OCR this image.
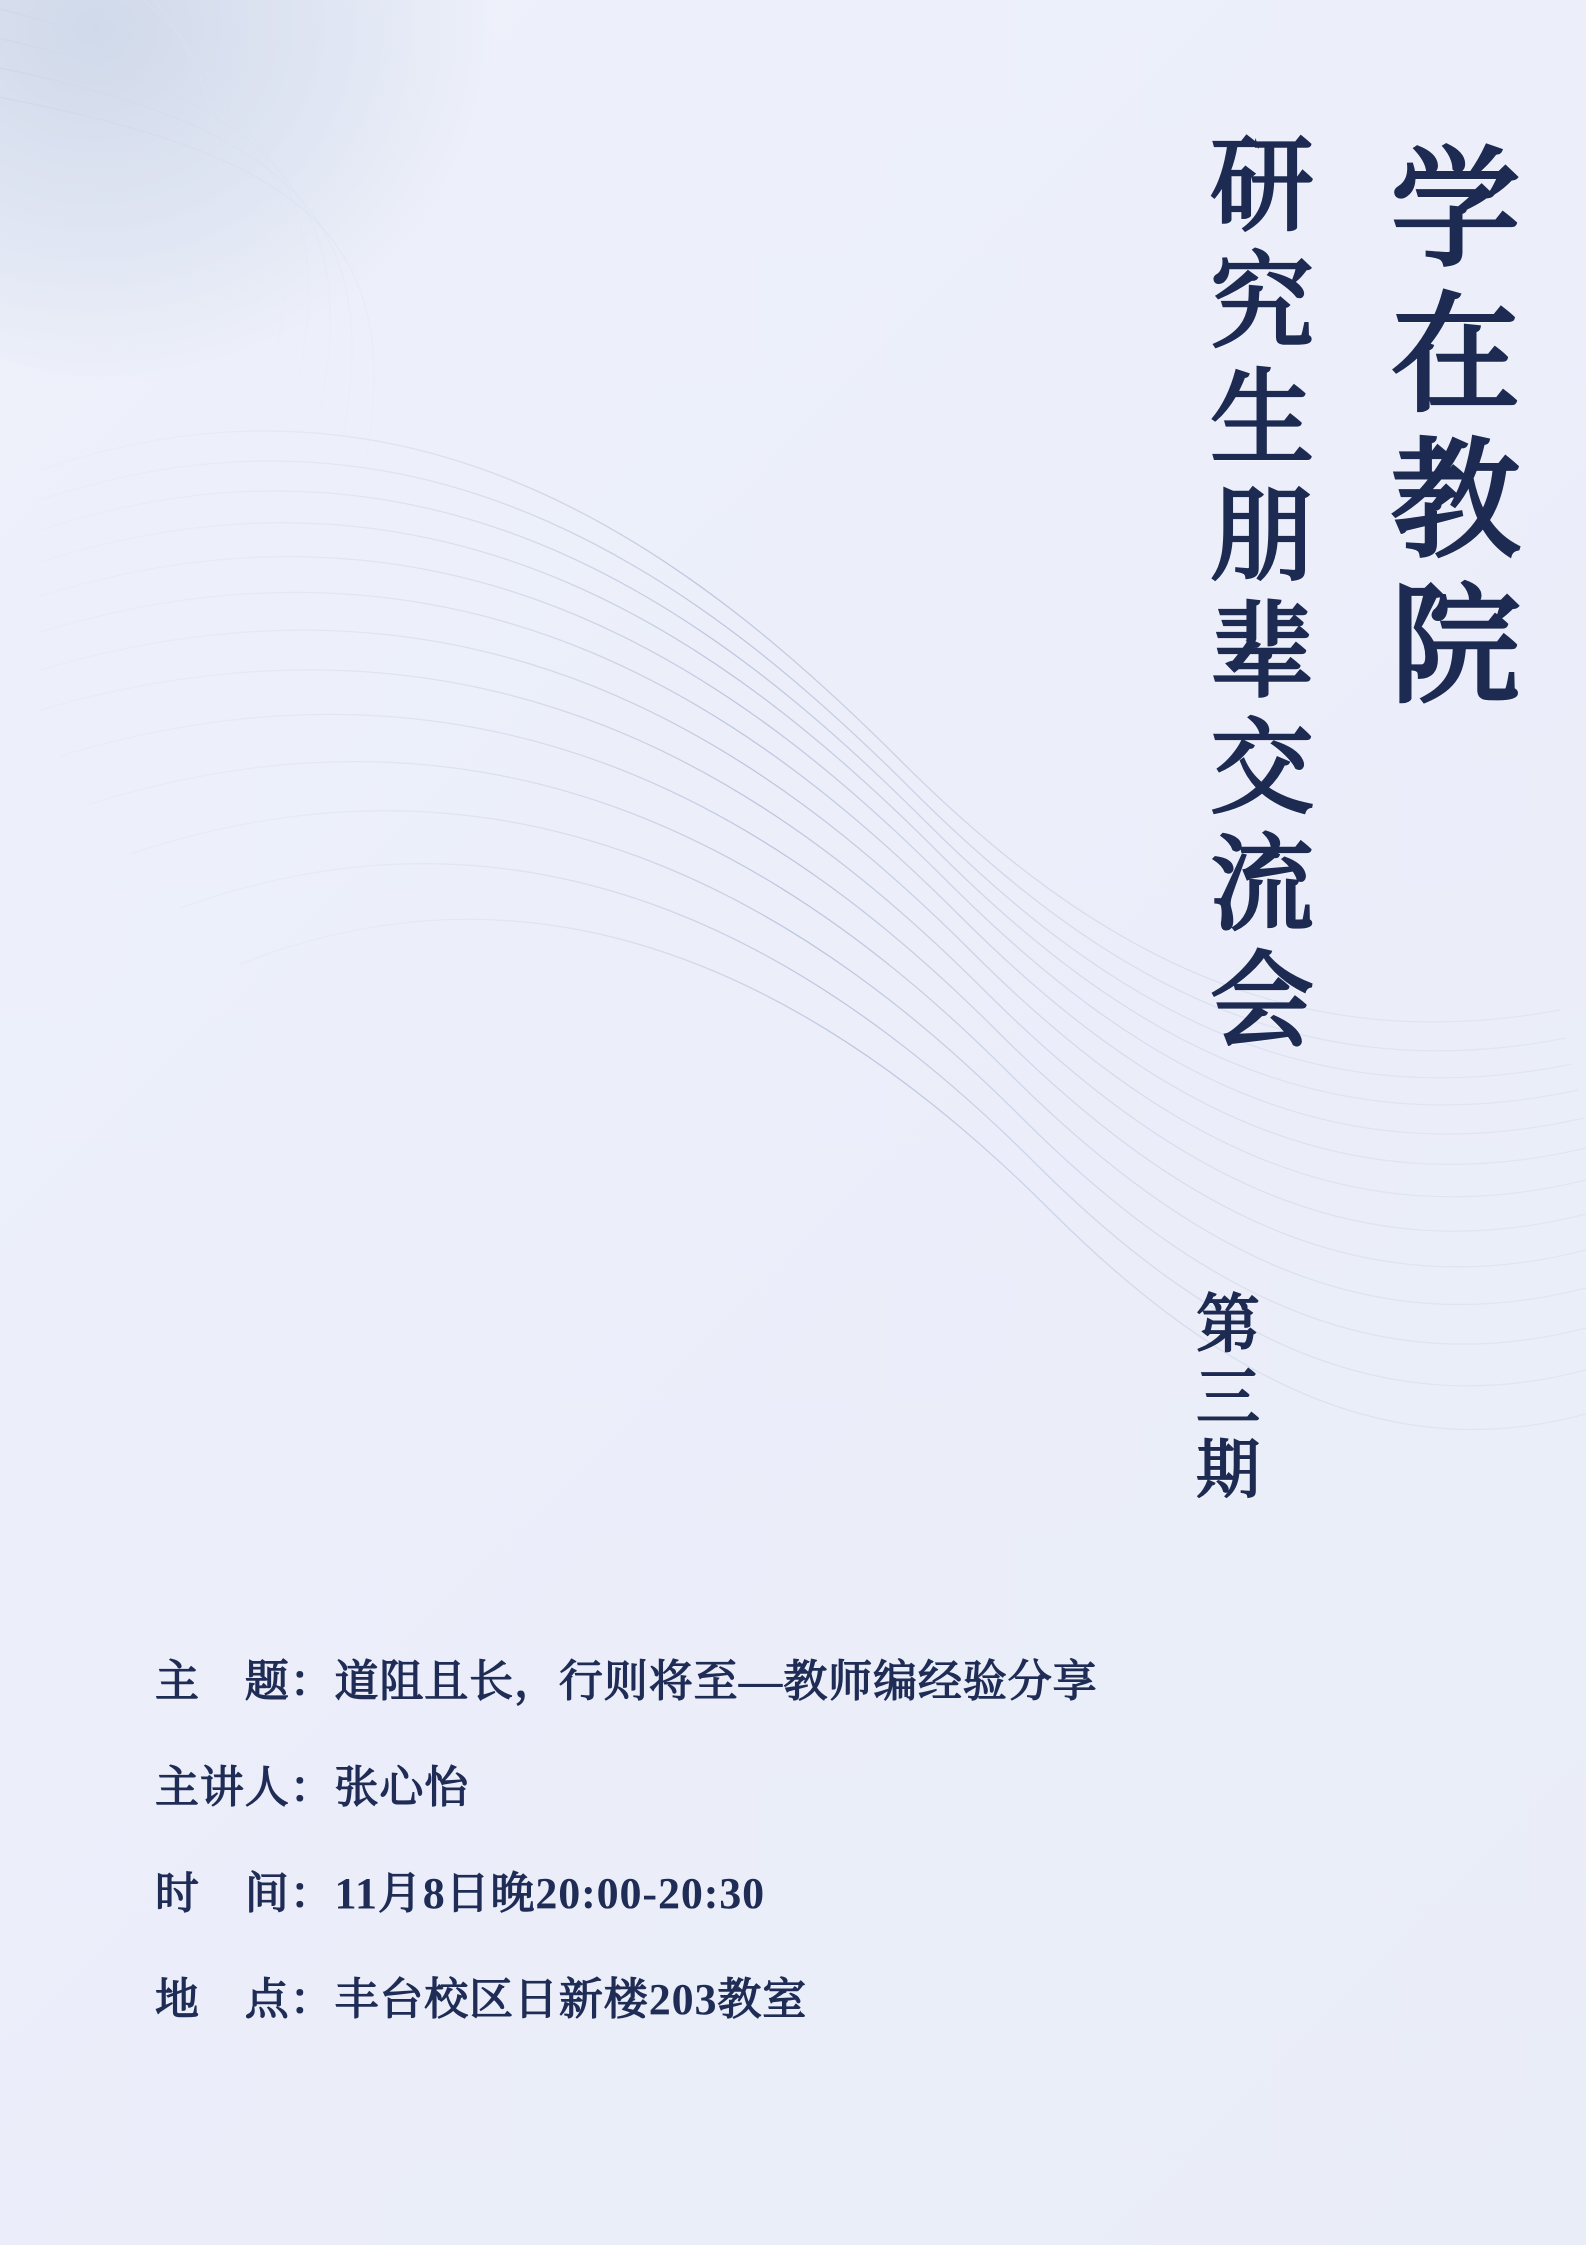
学在教院
研究生朋辈交流会
第三期
主　题： 道阻且长，行则将至—教师编经验分享
主讲人： 张心怡
时　间： 11月8日晚20:00-20:30
地　点： 丰台校区日新楼203教室
